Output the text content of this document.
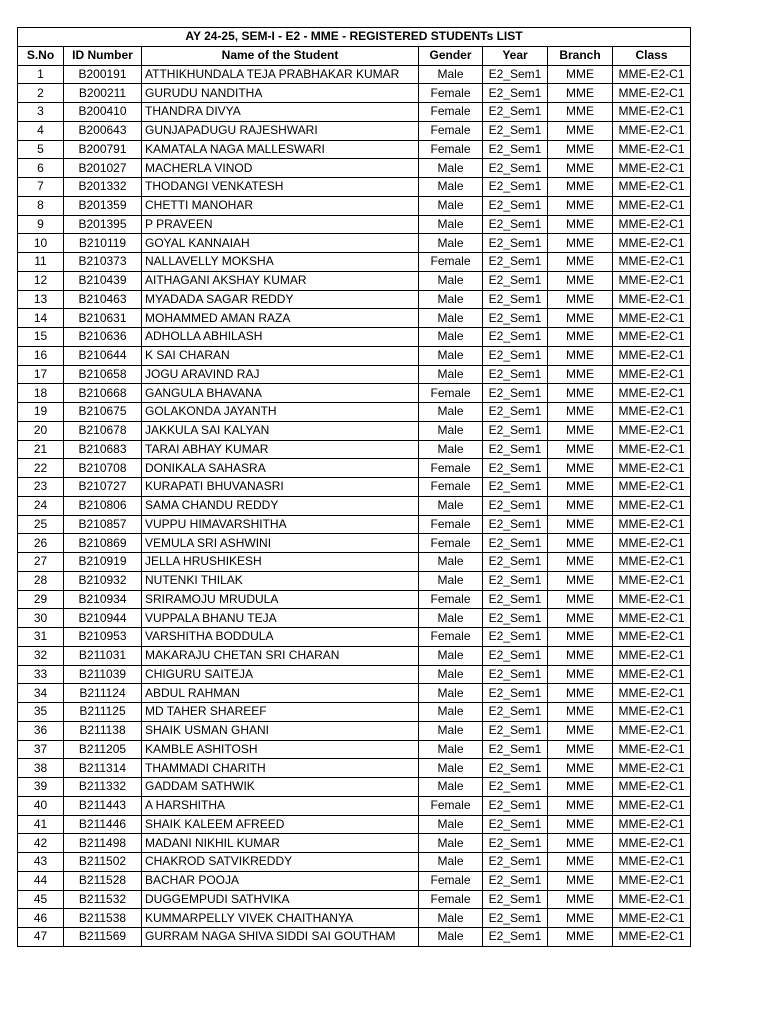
AY 24-25, SEM-I - E2 - MME - REGISTERED STUDENTs LIST						
S.No	ID Number	Name of the Student	Gender	Year	Branch	Class
1	B200191	ATTHIKHUNDALA TEJA PRABHAKAR KUMAR	Male	E2_Sem1	MME	MME-E2-C1
2	B200211	GURUDU NANDITHA	Female	E2_Sem1	MME	MME-E2-C1
3	B200410	THANDRA DIVYA	Female	E2_Sem1	MME	MME-E2-C1
4	B200643	GUNJAPADUGU RAJESHWARI	Female	E2_Sem1	MME	MME-E2-C1
5	B200791	KAMATALA NAGA MALLESWARI	Female	E2_Sem1	MME	MME-E2-C1
6	B201027	MACHERLA VINOD	Male	E2_Sem1	MME	MME-E2-C1
7	B201332	THODANGI VENKATESH	Male	E2_Sem1	MME	MME-E2-C1
8	B201359	CHETTI MANOHAR	Male	E2_Sem1	MME	MME-E2-C1
9	B201395	P PRAVEEN	Male	E2_Sem1	MME	MME-E2-C1
10	B210119	GOYAL KANNAIAH	Male	E2_Sem1	MME	MME-E2-C1
11	B210373	NALLAVELLY MOKSHA	Female	E2_Sem1	MME	MME-E2-C1
12	B210439	AITHAGANI AKSHAY KUMAR	Male	E2_Sem1	MME	MME-E2-C1
13	B210463	MYADADA SAGAR REDDY	Male	E2_Sem1	MME	MME-E2-C1
14	B210631	MOHAMMED AMAN RAZA	Male	E2_Sem1	MME	MME-E2-C1
15	B210636	ADHOLLA ABHILASH	Male	E2_Sem1	MME	MME-E2-C1
16	B210644	K SAI CHARAN	Male	E2_Sem1	MME	MME-E2-C1
17	B210658	JOGU ARAVIND RAJ	Male	E2_Sem1	MME	MME-E2-C1
18	B210668	GANGULA BHAVANA	Female	E2_Sem1	MME	MME-E2-C1
19	B210675	GOLAKONDA JAYANTH	Male	E2_Sem1	MME	MME-E2-C1
20	B210678	JAKKULA SAI KALYAN	Male	E2_Sem1	MME	MME-E2-C1
21	B210683	TARAI ABHAY KUMAR	Male	E2_Sem1	MME	MME-E2-C1
22	B210708	DONIKALA SAHASRA	Female	E2_Sem1	MME	MME-E2-C1
23	B210727	KURAPATI BHUVANASRI	Female	E2_Sem1	MME	MME-E2-C1
24	B210806	SAMA CHANDU REDDY	Male	E2_Sem1	MME	MME-E2-C1
25	B210857	VUPPU HIMAVARSHITHA	Female	E2_Sem1	MME	MME-E2-C1
26	B210869	VEMULA SRI ASHWINI	Female	E2_Sem1	MME	MME-E2-C1
27	B210919	JELLA HRUSHIKESH	Male	E2_Sem1	MME	MME-E2-C1
28	B210932	NUTENKI THILAK	Male	E2_Sem1	MME	MME-E2-C1
29	B210934	SRIRAMOJU MRUDULA	Female	E2_Sem1	MME	MME-E2-C1
30	B210944	VUPPALA BHANU TEJA	Male	E2_Sem1	MME	MME-E2-C1
31	B210953	VARSHITHA BODDULA	Female	E2_Sem1	MME	MME-E2-C1
32	B211031	MAKARAJU CHETAN SRI CHARAN	Male	E2_Sem1	MME	MME-E2-C1
33	B211039	CHIGURU SAITEJA	Male	E2_Sem1	MME	MME-E2-C1
34	B211124	ABDUL RAHMAN	Male	E2_Sem1	MME	MME-E2-C1
35	B211125	MD TAHER SHAREEF	Male	E2_Sem1	MME	MME-E2-C1
36	B211138	SHAIK USMAN GHANI	Male	E2_Sem1	MME	MME-E2-C1
37	B211205	KAMBLE ASHITOSH	Male	E2_Sem1	MME	MME-E2-C1
38	B211314	THAMMADI CHARITH	Male	E2_Sem1	MME	MME-E2-C1
39	B211332	GADDAM SATHWIK	Male	E2_Sem1	MME	MME-E2-C1
40	B211443	A HARSHITHA	Female	E2_Sem1	MME	MME-E2-C1
41	B211446	SHAIK KALEEM AFREED	Male	E2_Sem1	MME	MME-E2-C1
42	B211498	MADANI NIKHIL KUMAR	Male	E2_Sem1	MME	MME-E2-C1
43	B211502	CHAKROD SATVIKREDDY	Male	E2_Sem1	MME	MME-E2-C1
44	B211528	BACHAR POOJA	Female	E2_Sem1	MME	MME-E2-C1
45	B211532	DUGGEMPUDI SATHVIKA	Female	E2_Sem1	MME	MME-E2-C1
46	B211538	KUMMARPELLY VIVEK CHAITHANYA	Male	E2_Sem1	MME	MME-E2-C1
47	B211569	GURRAM NAGA SHIVA SIDDI SAI GOUTHAM	Male	E2_Sem1	MME	MME-E2-C1
